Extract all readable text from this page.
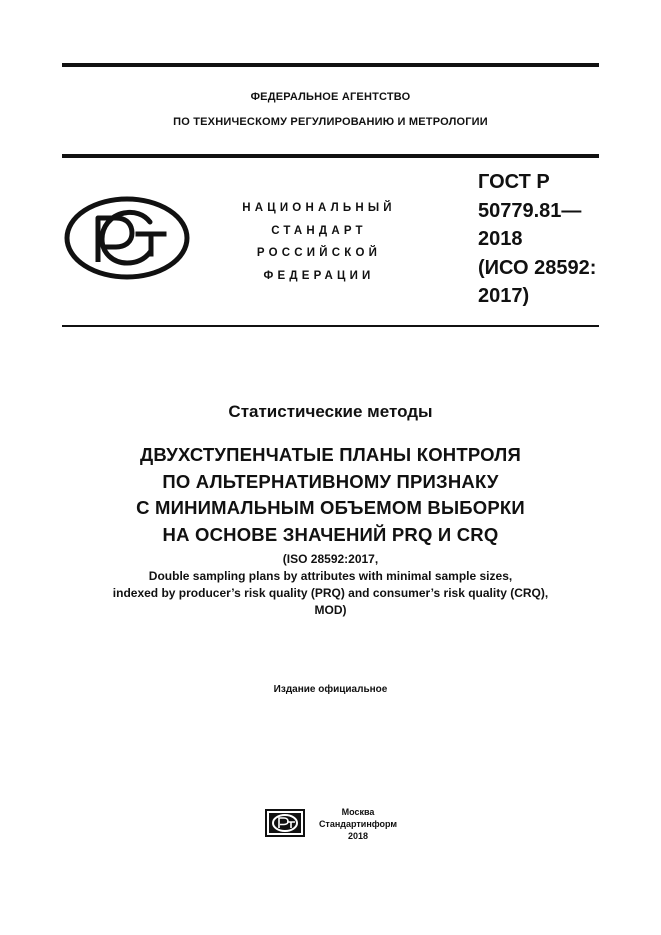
ФЕДЕРАЛЬНОЕ АГЕНТСТВО
ПО ТЕХНИЧЕСКОМУ РЕГУЛИРОВАНИЮ И МЕТРОЛОГИИ
НАЦИОНАЛЬНЫЙ
СТАНДАРТ
РОССИЙСКОЙ
ФЕДЕРАЦИИ
ГОСТ Р
50779.81—
2018
(ИСО 28592:
2017)
Статистические методы
ДВУХСТУПЕНЧАТЫЕ ПЛАНЫ КОНТРОЛЯ
ПО АЛЬТЕРНАТИВНОМУ ПРИЗНАКУ
С МИНИМАЛЬНЫМ ОБЪЕМОМ ВЫБОРКИ
НА ОСНОВЕ ЗНАЧЕНИЙ PRQ И CRQ
(ISO 28592:2017,
Double sampling plans by attributes with minimal sample sizes,
indexed by producer’s risk quality (PRQ) and consumer’s risk quality (CRQ),
MOD)
Издание официальное
Москва
Стандартинформ
2018
